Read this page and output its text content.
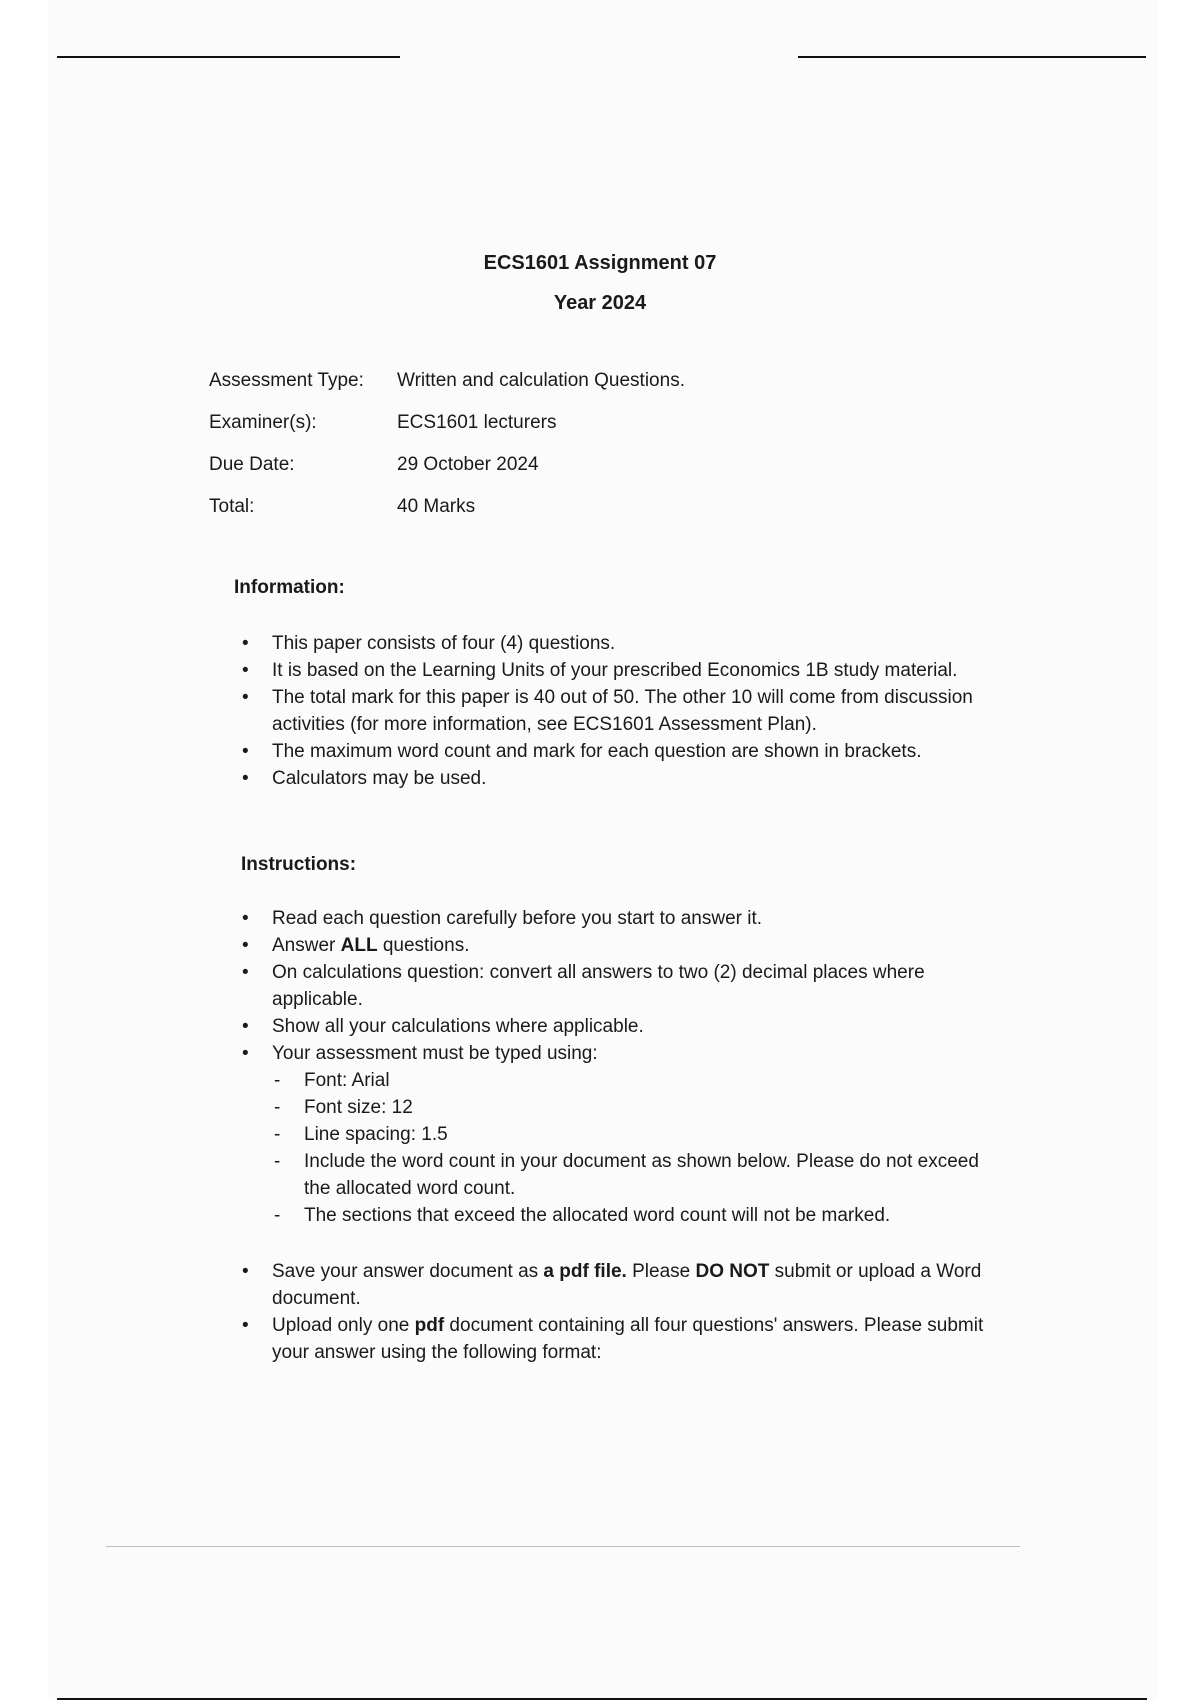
ECS1601 Assignment 07
Year 2024
Assessment Type:	Written and calculation Questions.
Examiner(s):	ECS1601 lecturers
Due Date:	29 October 2024
Total:	40 Marks
Information:
• This paper consists of four (4) questions.
• It is based on the Learning Units of your prescribed Economics 1B study material.
• The total mark for this paper is 40 out of 50. The other 10 will come from discussion activities (for more information, see ECS1601 Assessment Plan).
• The maximum word count and mark for each question are shown in brackets.
• Calculators may be used.
Instructions:
• Read each question carefully before you start to answer it.
• Answer ALL questions.
• On calculations question: convert all answers to two (2) decimal places where applicable.
• Show all your calculations where applicable.
• Your assessment must be typed using:
- Font: Arial
- Font size: 12
- Line spacing: 1.5
- Include the word count in your document as shown below. Please do not exceed the allocated word count.
- The sections that exceed the allocated word count will not be marked.
• Save your answer document as a pdf file. Please DO NOT submit or upload a Word document.
• Upload only one pdf document containing all four questions' answers. Please submit your answer using the following format:
